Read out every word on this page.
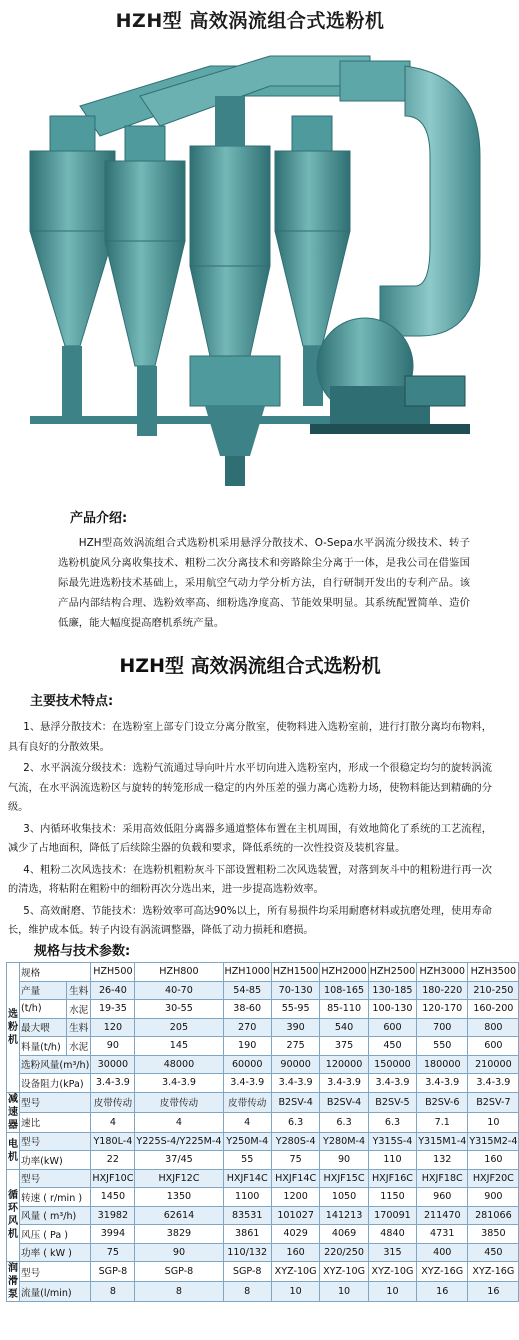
HZH型 高效涡流组合式选粉机
产品介绍:
HZH型高效涡流组合式选粉机采用悬浮分散技术、O-Sepa水平涡流分级技术、转子选粉机旋风分离收集技术、粗粉二次分离技术和旁路除尘分离于一体，是我公司在借鉴国际最先进选粉技术基础上，采用航空气动力学分析方法，自行研制开发出的专利产品。该产品内部结构合理、选粉效率高、细粉选净度高、节能效果明显。其系统配置简单、造价低廉，能大幅度提高磨机系统产量。
HZH型 高效涡流组合式选粉机
主要技术特点:

1、悬浮分散技术：在选粉室上部专门设立分离分散室，使物料进入选粉室前，进行打散分离均布物料，具有良好的分散效果。

2、水平涡流分级技术：选粉气流通过导向叶片水平切向进入选粉室内，形成一个很稳定均匀的旋转涡流气流，在水平涡流选粉区与旋转的转笼形成一稳定的内外压差的强力离心选粉力场，使物料能达到精确的分级。

3、内循环收集技术：采用高效低阻分离器多通道整体布置在主机周围，有效地简化了系统的工艺流程，减少了占地面积，降低了后续除尘器的负载和要求，降低系统的一次性投资及装机容量。

4、粗粉二次风选技术：在选粉机粗粉灰斗下部设置粗粉二次风选装置，对落到灰斗中的粗粉进行再一次的清选，将粘附在粗粉中的细粉再次分选出来，进一步提高选粉效率。

5、高效耐磨、节能技术：选粉效率可高达90%以上，所有易损件均采用耐磨材料或抗磨处理，使用寿命长，维护成本低。转子内设有涡流调整器，降低了动力损耗和磨损。

规格与技术参数:
选粉机	规格		HZH500	HZH800	HZH1000	HZH1500	HZH2000	HZH2500	HZH3000	HZH3500
	产量	生料	26-40	40-70	54-85	70-130	108-165	130-185	180-220	210-250
	(t/h)	水泥	19-35	30-55	38-60	55-95	85-110	100-130	120-170	160-200
	最大喂	生料	120	205	270	390	540	600	700	800
	料量(t/h)	水泥	90	145	190	275	375	450	550	600
	选粉风量(m³/h)		30000	48000	60000	90000	120000	150000	180000	210000
	设备阻力(kPa)		3.4-3.9	3.4-3.9	3.4-3.9	3.4-3.9	3.4-3.9	3.4-3.9	3.4-3.9	3.4-3.9
减速器	型号		皮带传动	皮带传动	皮带传动	B2SV-4	B2SV-4	B2SV-5	B2SV-6	B2SV-7
	速比		4	4	4	6.3	6.3	6.3	7.1	10
电机	型号		Y180L-4	Y225S-4/Y225M-4	Y250M-4	Y280S-4	Y280M-4	Y315S-4	Y315M1-4	Y315M2-4
	功率(kW)		22	37/45	55	75	90	110	132	160
循环风机	型号		HXJF10C	HXJF12C	HXJF14C	HXJF14C	HXJF15C	HXJF16C	HXJF18C	HXJF20C
	转速 ( r/min )		1450	1350	1100	1200	1050	1150	960	900
	风量 ( m³/h)		31982	62614	83531	101027	141213	170091	211470	281066
	风压 ( Pa )		3994	3829	3861	4029	4069	4840	4731	3850
	功率 ( kW )		75	90	110/132	160	220/250	315	400	450
润滑泵	型号		SGP-8	SGP-8	SGP-8	XYZ-10G	XYZ-10G	XYZ-10G	XYZ-16G	XYZ-16G
	流量(l/min)		8	8	8	10	10	10	16	16
